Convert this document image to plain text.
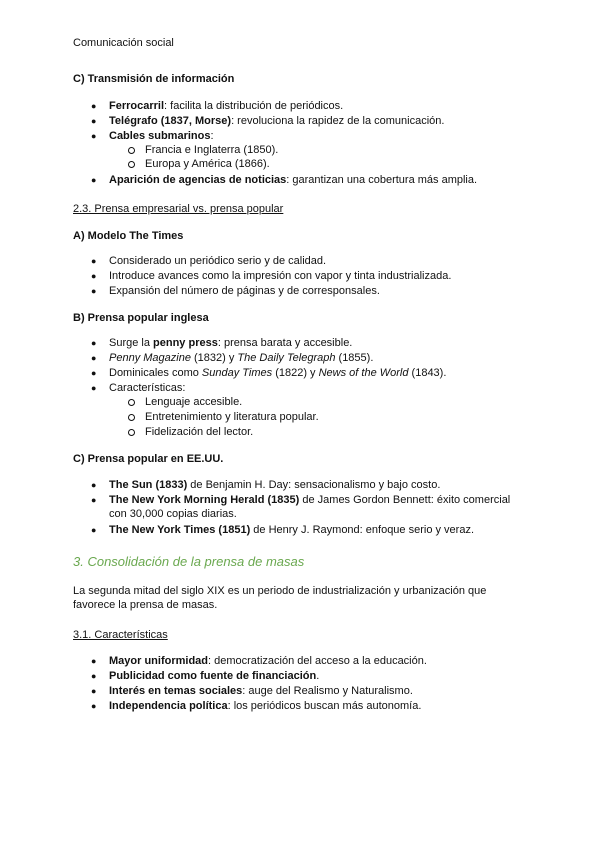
Comunicación social
C) Transmisión de información
● Ferrocarril: facilita la distribución de periódicos.
● Telégrafo (1837, Morse): revoluciona la rapidez de la comunicación.
● Cables submarinos:
Francia e Inglaterra (1850).
Europa y América (1866).
● Aparición de agencias de noticias: garantizan una cobertura más amplia.
2.3. Prensa empresarial vs. prensa popular
A) Modelo The Times
● Considerado un periódico serio y de calidad.
● Introduce avances como la impresión con vapor y tinta industrializada.
● Expansión del número de páginas y de corresponsales.
B) Prensa popular inglesa
● Surge la penny press: prensa barata y accesible.
● Penny Magazine (1832) y The Daily Telegraph (1855).
● Dominicales como Sunday Times (1822) y News of the World (1843).
● Características:
Lenguaje accesible.
Entretenimiento y literatura popular.
Fidelización del lector.
C) Prensa popular en EE.UU.
● The Sun (1833) de Benjamin H. Day: sensacionalismo y bajo costo.
● The New York Morning Herald (1835) de James Gordon Bennett: éxito comercial
con 30,000 copias diarias.
● The New York Times (1851) de Henry J. Raymond: enfoque serio y veraz.
3. Consolidación de la prensa de masas
La segunda mitad del siglo XIX es un periodo de industrialización y urbanización que
favorece la prensa de masas.
3.1. Características
● Mayor uniformidad: democratización del acceso a la educación.
● Publicidad como fuente de financiación.
● Interés en temas sociales: auge del Realismo y Naturalismo.
● Independencia política: los periódicos buscan más autonomía.
